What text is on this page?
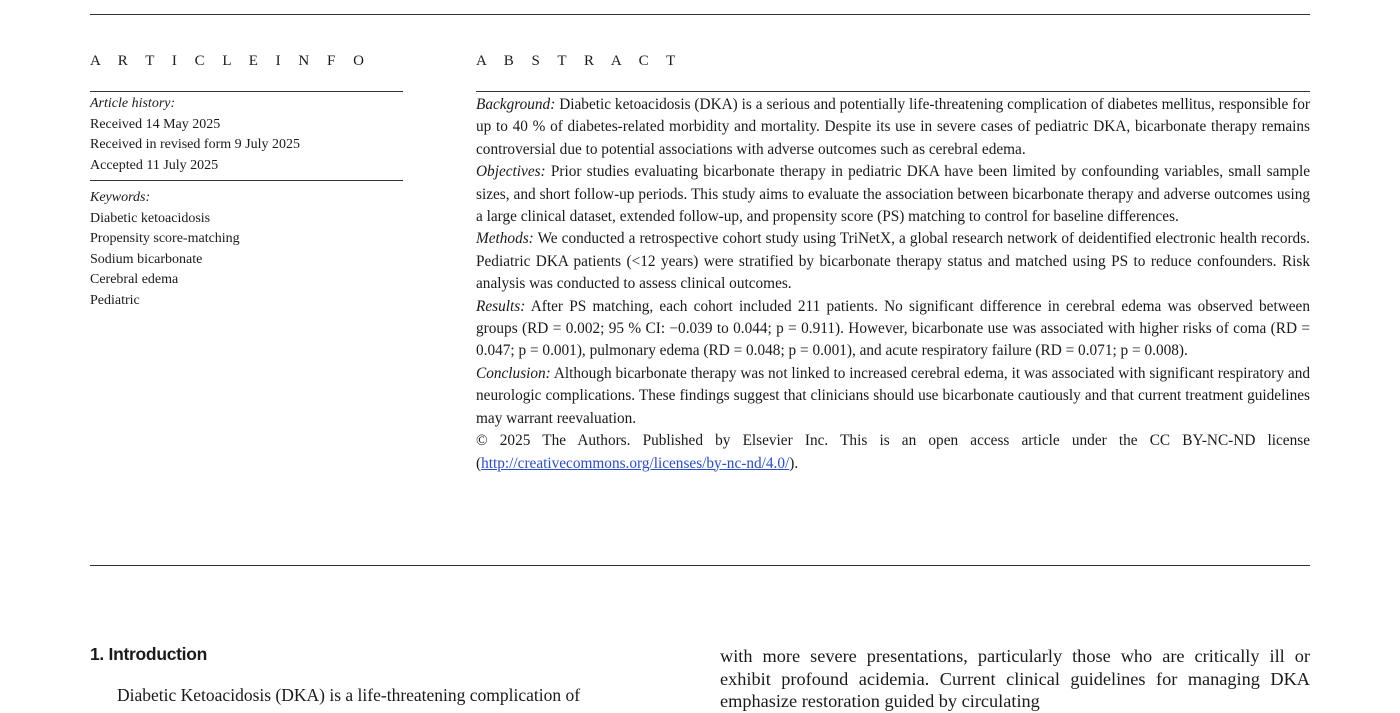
A R T I C L E I N F O
Article history:
Received 14 May 2025
Received in revised form 9 July 2025
Accepted 11 July 2025
Keywords:
Diabetic ketoacidosis
Propensity score-matching
Sodium bicarbonate
Cerebral edema
Pediatric
A B S T R A C T

Background: Diabetic ketoacidosis (DKA) is a serious and potentially life-threatening complication of diabetes mellitus, responsible for up to 40 % of diabetes-related morbidity and mortality. Despite its use in severe cases of pediatric DKA, bicarbonate therapy remains controversial due to potential associations with adverse outcomes such as cerebral edema.

Objectives: Prior studies evaluating bicarbonate therapy in pediatric DKA have been limited by confounding variables, small sample sizes, and short follow-up periods. This study aims to evaluate the association between bicarbonate therapy and adverse outcomes using a large clinical dataset, extended follow-up, and propensity score (PS) matching to control for baseline differences.

Methods: We conducted a retrospective cohort study using TriNetX, a global research network of deidentified electronic health records. Pediatric DKA patients (<12 years) were stratified by bicarbonate therapy status and matched using PS to reduce confounders. Risk analysis was conducted to assess clinical outcomes.

Results: After PS matching, each cohort included 211 patients. No significant difference in cerebral edema was observed between groups (RD = 0.002; 95 % CI: −0.039 to 0.044; p = 0.911). However, bicarbonate use was associated with higher risks of coma (RD = 0.047; p = 0.001), pulmonary edema (RD = 0.048; p = 0.001), and acute respiratory failure (RD = 0.071; p = 0.008).

Conclusion: Although bicarbonate therapy was not linked to increased cerebral edema, it was associated with significant respiratory and neurologic complications. These findings suggest that clinicians should use bicarbonate cautiously and that current treatment guidelines may warrant reevaluation.

© 2025 The Authors. Published by Elsevier Inc. This is an open access article under the CC BY-NC-ND license (http://creativecommons.org/licenses/by-nc-nd/4.0/).

1. Introduction
Diabetic Ketoacidosis (DKA) is a life-threatening complication of

with more severe presentations, particularly those who are critically ill or exhibit profound acidemia. Current clinical guidelines for managing DKA emphasize restoration guided by circulating
